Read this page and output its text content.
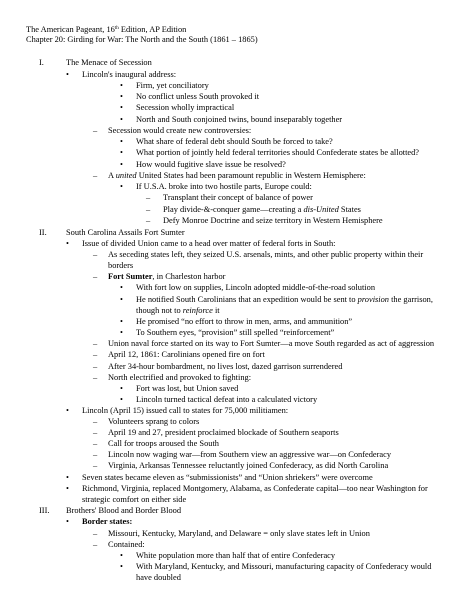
The American Pageant, 16th Edition, AP Edition
Chapter 20: Girding for War: The North and the South (1861 – 1865)
I.	The Menace of Secession
• Lincoln's inaugural address:
• Firm, yet conciliatory
• No conflict unless South provoked it
• Secession wholly impractical
• North and South conjoined twins, bound inseparably together
– Secession would create new controversies:
• What share of federal debt should South be forced to take?
• What portion of jointly held federal territories should Confederate states be allotted?
• How would fugitive slave issue be resolved?
– A united United States had been paramount republic in Western Hemisphere:
• If U.S.A. broke into two hostile parts, Europe could:
– Transplant their concept of balance of power
– Play divide-&-conquer game—creating a dis-United States
– Defy Monroe Doctrine and seize territory in Western Hemisphere
II. South Carolina Assails Fort Sumter
• Issue of divided Union came to a head over matter of federal forts in South:
– As seceding states left, they seized U.S. arsenals, mints, and other public property within their
borders
– Fort Sumter, in Charleston harbor
• With fort low on supplies, Lincoln adopted middle-of-the-road solution
• He notified South Carolinians that an expedition would be sent to provision the garrison,
though not to reinforce it
• He promised “no effort to throw in men, arms, and ammunition”
• To Southern eyes, “provision” still spelled “reinforcement”
– Union naval force started on its way to Fort Sumter—a move South regarded as act of aggression
– April 12, 1861: Carolinians opened fire on fort
– After 34-hour bombardment, no lives lost, dazed garrison surrendered
– North electrified and provoked to fighting:
• Fort was lost, but Union saved
• Lincoln turned tactical defeat into a calculated victory
• Lincoln (April 15) issued call to states for 75,000 militiamen:
– Volunteers sprang to colors
– April 19 and 27, president proclaimed blockade of Southern seaports
– Call for troops aroused the South
– Lincoln now waging war—from Southern view an aggressive war—on Confederacy
– Virginia, Arkansas Tennessee reluctantly joined Confederacy, as did North Carolina
• Seven states became eleven as “submissionists” and “Union shriekers” were overcome
• Richmond, Virginia, replaced Montgomery, Alabama, as Confederate capital—too near Washington for
strategic comfort on either side
III. Brothers' Blood and Border Blood
• Border states:
– Missouri, Kentucky, Maryland, and Delaware = only slave states left in Union
– Contained:
• White population more than half that of entire Confederacy
• With Maryland, Kentucky, and Missouri, manufacturing capacity of Confederacy would
have doubled
